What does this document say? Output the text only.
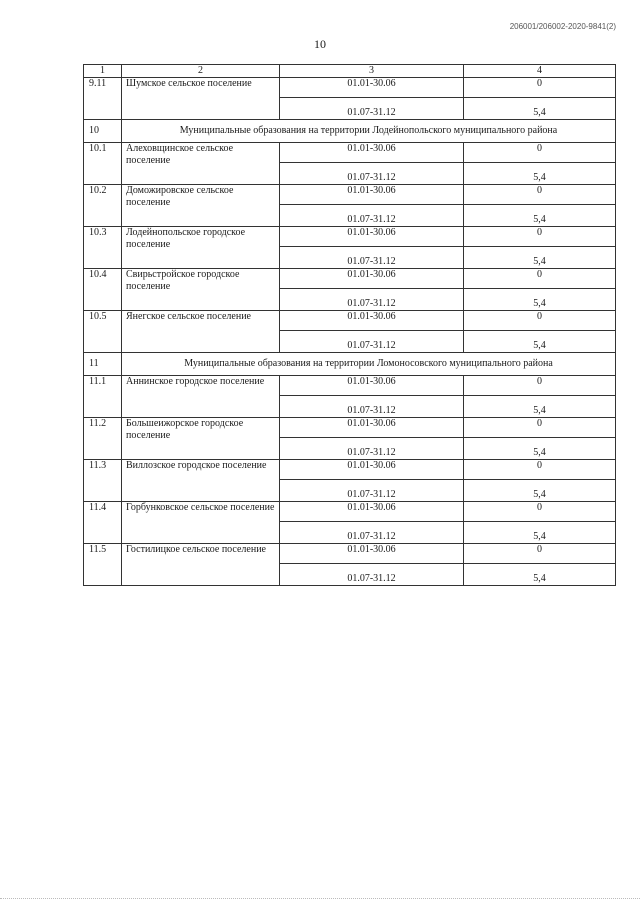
206001/206002-2020-9841(2)
10
1	2	3	4
9.11	Шумское сельское поселение	01.01-30.06	0
		01.07-31.12	5,4
10	Муниципальные образования на территории Лодейнопольского муниципального района		
10.1	Алеховщинское сельское поселение	01.01-30.06	0
		01.07-31.12	5,4
10.2	Доможировское сельское поселение	01.01-30.06	0
		01.07-31.12	5,4
10.3	Лодейнопольское городское поселение	01.01-30.06	0
		01.07-31.12	5,4
10.4	Свирьстройское городское поселение	01.01-30.06	0
		01.07-31.12	5,4
10.5	Янегское сельское поселение	01.01-30.06	0
		01.07-31.12	5,4
11	Муниципальные образования на территории Ломоносовского муниципального района		
11.1	Аннинское городское поселение	01.01-30.06	0
		01.07-31.12	5,4
11.2	Большеижорское городское поселение	01.01-30.06	0
		01.07-31.12	5,4
11.3	Виллозское городское поселение	01.01-30.06	0
		01.07-31.12	5,4
11.4	Горбунковское сельское поселение	01.01-30.06	0
		01.07-31.12	5,4
11.5	Гостилицкое сельское поселение	01.01-30.06	0
		01.07-31.12	5,4
